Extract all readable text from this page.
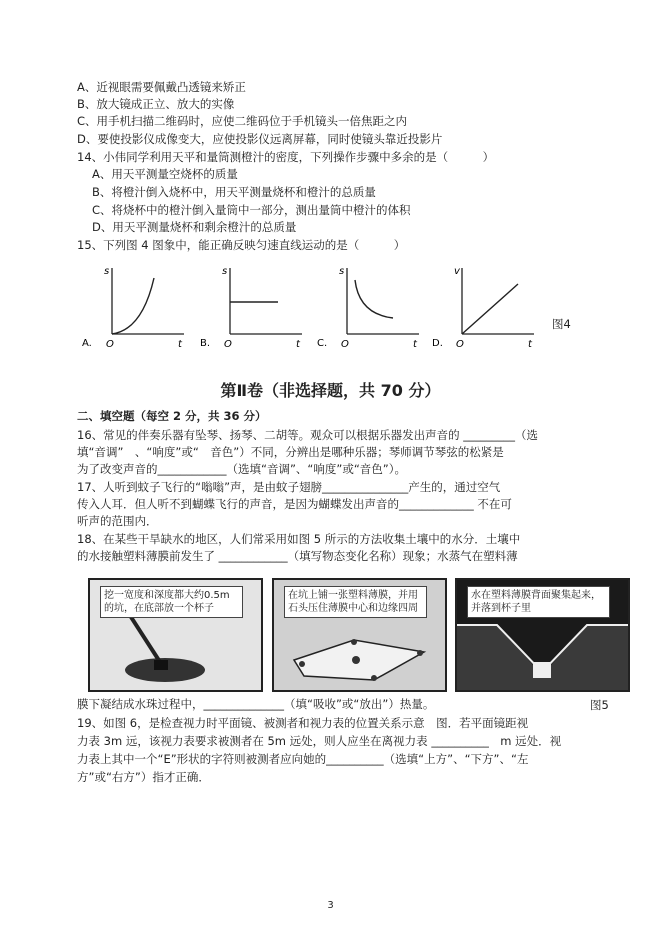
A、近视眼需要佩戴凸透镜来矫正
B、放大镜成正立、放大的实像
C、用手机扫描二维码时，应使二维码位于手机镜头一倍焦距之内
D、要使投影仪成像变大，应使投影仪远离屏幕，同时使镜头靠近投影片
14、小伟同学利用天平和量筒测橙汁的密度，下列操作步骤中多余的是（　　　）
A、用天平测量空烧杯的质量
B、将橙汁倒入烧杯中，用天平测量烧杯和橙汁的总质量
C、将烧杯中的橙汁倒入量筒中一部分，测出量筒中橙汁的体积
D、用天平测量烧杯和剩余橙汁的总质量
15、下列图 4 图象中，能正确反映匀速直线运动的是（　　　）
A.
s
O	t B.
s
O	t C.
s
O	t D.
v
O	t
图4
第Ⅱ卷（非选择题，共 70 分）
二、填空题（每空 2 分，共 36 分）
16、常见的伴奏乐器有坠琴、扬琴、二胡等。观众可以根据乐器发出声音的 _________（选
填“音调”　、“响度”或“　音色”）不同，分辨出是哪种乐器；琴师调节琴弦的松紧是
为了改变声音的____________（选填“音调”、“响度”或“音色”）。
17、人听到蚊子飞行的“嗡嗡”声，是由蚊子翅膀_______________产生的，通过空气
传入人耳．但人听不到蝴蝶飞行的声音，是因为蝴蝶发出声音的_____________ 不在可
听声的范围内．
18、在某些干旱缺水的地区，人们常采用如图 5 所示的方法收集土壤中的水分．土壤中
的水接触塑料薄膜前发生了 ____________（填写物态变化名称）现象；水蒸气在塑料薄
挖一宽度和深度都大约0.5m的坑，在底部放一个杯子
在坑上铺一张塑料薄膜，并用石头压住薄膜中心和边缘四周
水在塑料薄膜背面聚集起来，并落到杯子里
膜下凝结成水珠过程中，______________（填“吸收”或“放出”）热量。	图5
19、如图 6，是检查视力时平面镜、被测者和视力表的位置关系示意　图．若平面镜距视
力表 3m 远，该视力表要求被测者在 5m 远处，则人应坐在离视力表 __________　m 远处．视
力表上其中一个“E”形状的字符则被测者应向她的__________（选填“上方”、“下方”、“左
方”或“右方”）指才正确．
3
